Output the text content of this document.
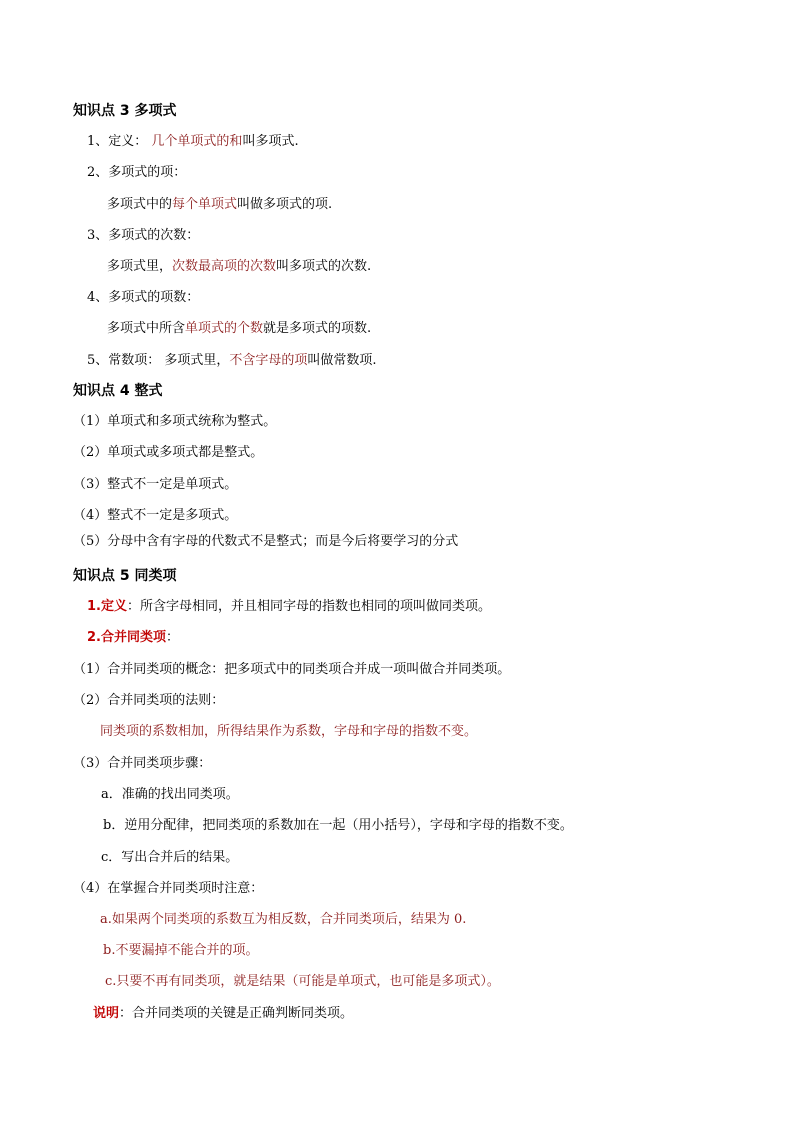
知识点 3 多项式
1、定义： 几个单项式的和叫多项式.
2、多项式的项：
多项式中的每个单项式叫做多项式的项.
3、多项式的次数：
多项式里，次数最高项的次数叫多项式的次数.
4、多项式的项数：
多项式中所含单项式的个数就是多项式的项数.
5、常数项： 多项式里，不含字母的项叫做常数项.
知识点 4 整式
（1）单项式和多项式统称为整式。
（2）单项式或多项式都是整式。
（3）整式不一定是单项式。
（4）整式不一定是多项式。
（5）分母中含有字母的代数式不是整式；而是今后将要学习的分式
知识点 5 同类项
1.定义：所含字母相同，并且相同字母的指数也相同的项叫做同类项。
2.合并同类项：
（1）合并同类项的概念：把多项式中的同类项合并成一项叫做合并同类项。
（2）合并同类项的法则：
同类项的系数相加，所得结果作为系数，字母和字母的指数不变。
（3）合并同类项步骤：
a．准确的找出同类项。
b．逆用分配律，把同类项的系数加在一起（用小括号），字母和字母的指数不变。
c．写出合并后的结果。
（4）在掌握合并同类项时注意：
a.如果两个同类项的系数互为相反数，合并同类项后，结果为 0.
b.不要漏掉不能合并的项。
c.只要不再有同类项，就是结果（可能是单项式，也可能是多项式）。
说明：合并同类项的关键是正确判断同类项。
